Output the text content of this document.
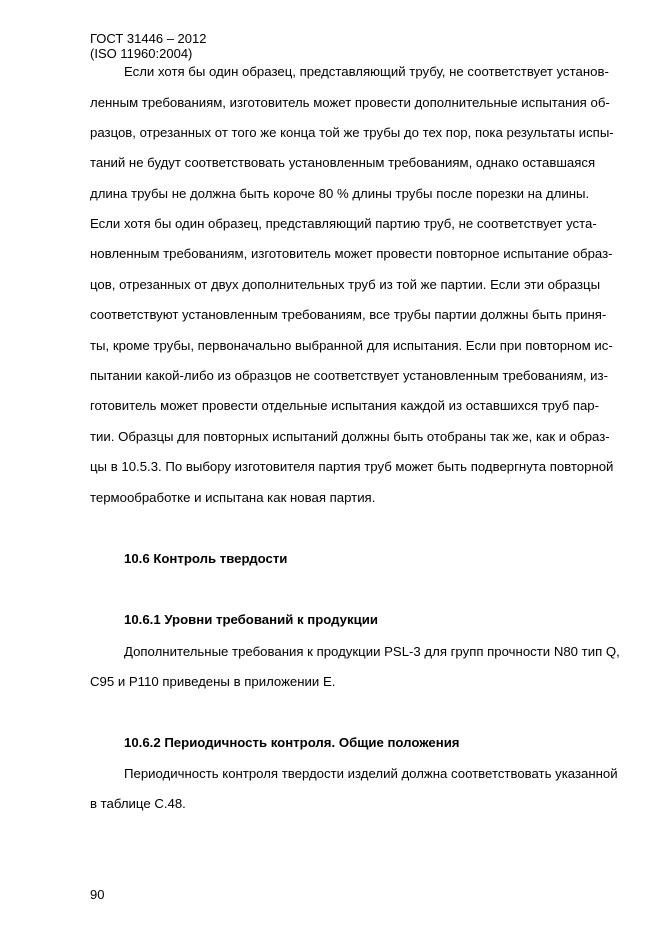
ГОСТ 31446 – 2012
(ISO 11960:2004)
Если хотя бы один образец, представляющий трубу, не соответствует установ-
ленным требованиям, изготовитель может провести дополнительные испытания об-
разцов, отрезанных от того же конца той же трубы до тех пор, пока результаты испы-
таний не будут соответствовать установленным требованиям, однако оставшаяся
длина трубы не должна быть короче 80 % длины трубы после порезки на длины.
Если хотя бы один образец, представляющий партию труб, не соответствует уста-
новленным требованиям, изготовитель может провести повторное испытание образ-
цов, отрезанных от двух дополнительных труб из той же партии. Если эти образцы
соответствуют установленным требованиям, все трубы партии должны быть приня-
ты, кроме трубы, первоначально выбранной для испытания. Если при повторном ис-
пытании какой-либо из образцов не соответствует установленным требованиям, из-
готовитель может провести отдельные испытания каждой из оставшихся труб пар-
тии. Образцы для повторных испытаний должны быть отобраны так же, как и образ-
цы в 10.5.3. По выбору изготовителя партия труб может быть подвергнута повторной
термообработке и испытана как новая партия.
10.6 Контроль твердости
10.6.1 Уровни требований к продукции
Дополнительные требования к продукции PSL-3 для групп прочности N80 тип Q,
C95 и P110 приведены в приложении Е.
10.6.2 Периодичность контроля. Общие положения
Периодичность контроля твердости изделий должна соответствовать указанной
в таблице C.48.
90
